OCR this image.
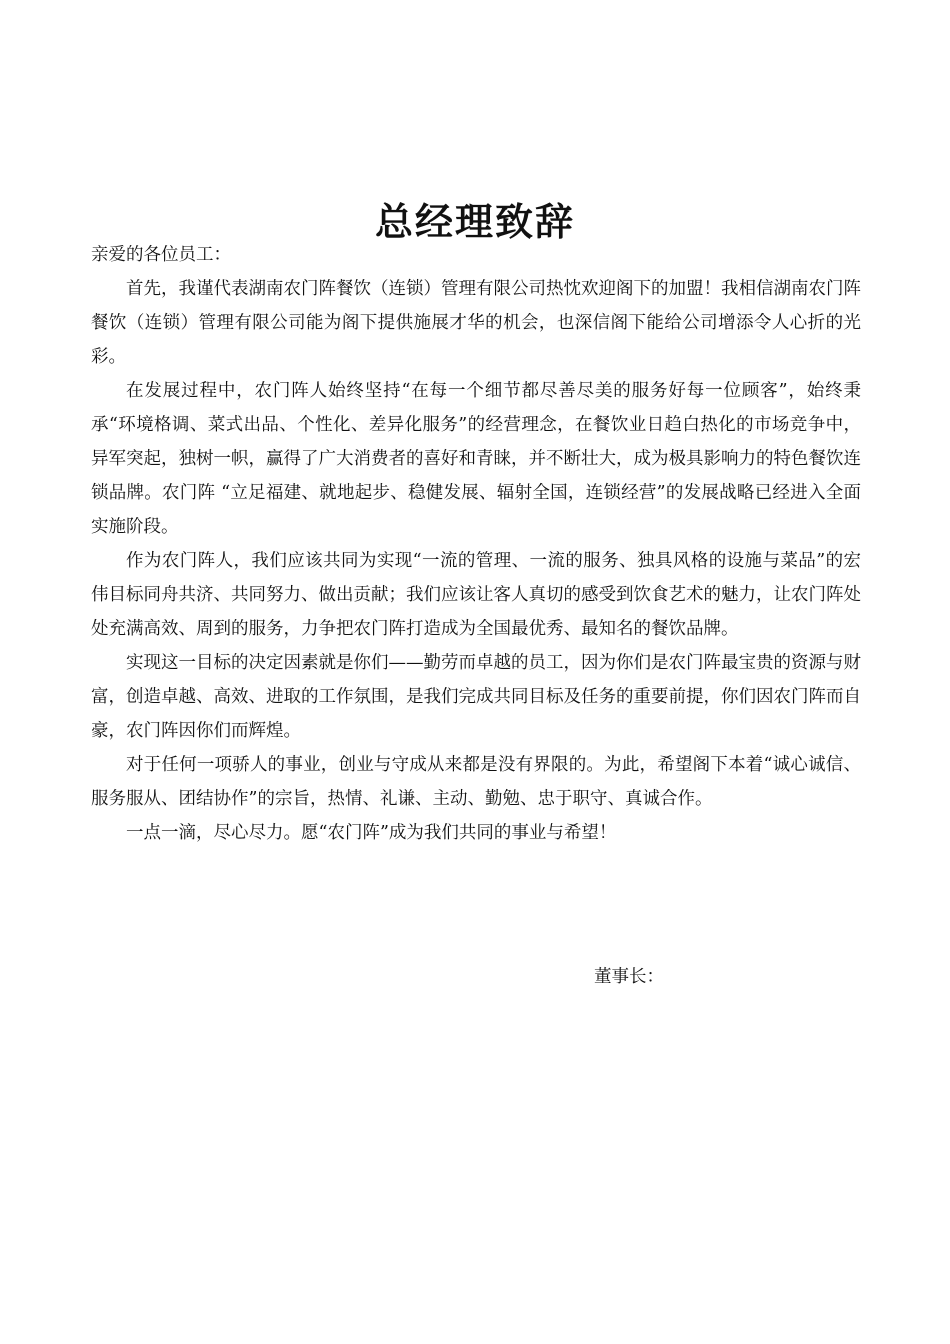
总经理致辞

亲爱的各位员工：

首先，我谨代表湖南农门阵餐饮（连锁）管理有限公司热忱欢迎阁下的加盟！我相信湖南农门阵餐饮（连锁）管理有限公司能为阁下提供施展才华的机会，也深信阁下能给公司增添令人心折的光彩。

在发展过程中，农门阵人始终坚持“在每一个细节都尽善尽美的服务好每一位顾客”，始终秉承“环境格调、菜式出品、个性化、差异化服务”的经营理念，在餐饮业日趋白热化的市场竞争中，异军突起，独树一帜，赢得了广大消费者的喜好和青睐，并不断壮大，成为极具影响力的特色餐饮连锁品牌。农门阵 “立足福建、就地起步、稳健发展、辐射全国，连锁经营”的发展战略已经进入全面实施阶段。

作为农门阵人，我们应该共同为实现“一流的管理、一流的服务、独具风格的设施与菜品”的宏伟目标同舟共济、共同努力、做出贡献；我们应该让客人真切的感受到饮食艺术的魅力，让农门阵处处充满高效、周到的服务，力争把农门阵打造成为全国最优秀、最知名的餐饮品牌。

实现这一目标的决定因素就是你们——勤劳而卓越的员工，因为你们是农门阵最宝贵的资源与财富，创造卓越、高效、进取的工作氛围，是我们完成共同目标及任务的重要前提，你们因农门阵而自豪，农门阵因你们而辉煌。

对于任何一项骄人的事业，创业与守成从来都是没有界限的。为此，希望阁下本着“诚心诚信、服务服从、团结协作”的宗旨，热情、礼谦、主动、勤勉、忠于职守、真诚合作。

一点一滴，尽心尽力。愿“农门阵”成为我们共同的事业与希望！

董事长：
